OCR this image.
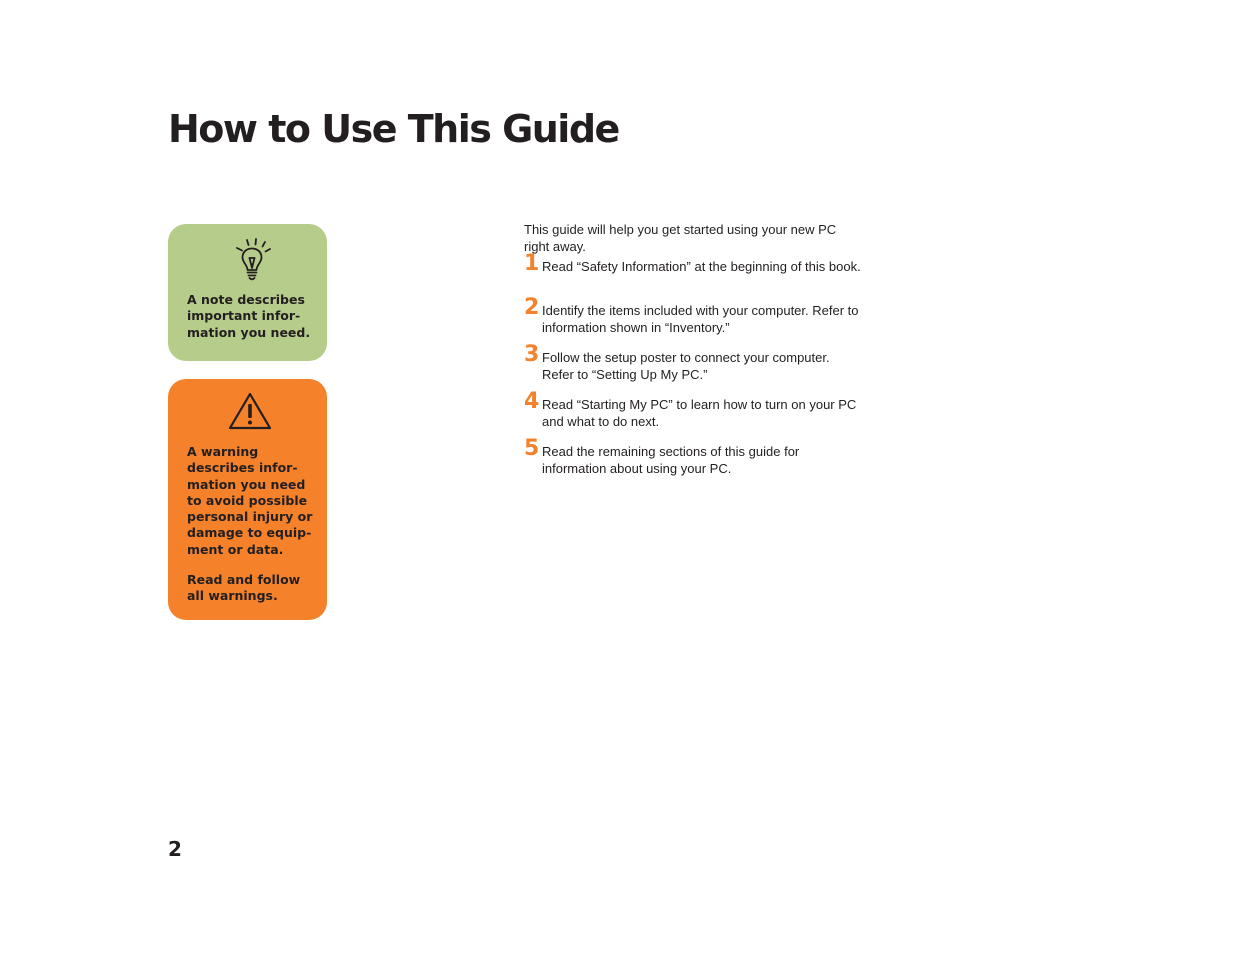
How to Use This Guide

A note describes important information you need.

A warning describes information you need to avoid possible personal injury or damage to equipment or data.

Read and follow all warnings.

This guide will help you get started using your new PC right away.

1 Read “Safety Information” at the beginning of this book.
2 Identify the items included with your computer. Refer to information shown in “Inventory.”
3 Follow the setup poster to connect your computer. Refer to “Setting Up My PC.”
4 Read “Starting My PC” to learn how to turn on your PC and what to do next.
5 Read the remaining sections of this guide for information about using your PC.

2
